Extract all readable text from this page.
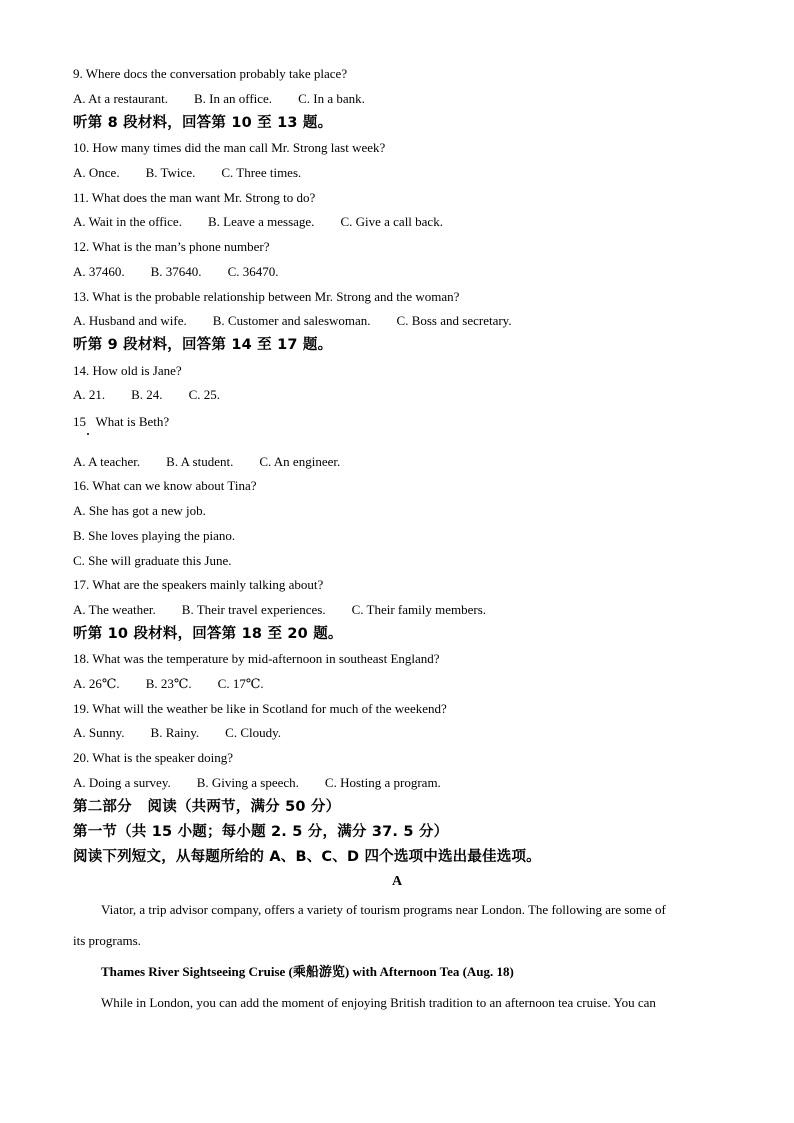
9. Where docs the conversation probably take place?
A. At a restaurant. B. In an office. C. In a bank.
听第 8 段材料，回答第 10 至 13 题。
10. How many times did the man call Mr. Strong last week?
A. Once. B. Twice. C. Three times.
11. What does the man want Mr. Strong to do?
A. Wait in the office. B. Leave a message. C. Give a call back.
12. What is the man’s phone number?
A. 37460. B. 37640. C. 36470.
13. What is the probable relationship between Mr. Strong and the woman?
A. Husband and wife. B. Customer and saleswoman. C. Boss and secretary.
听第 9 段材料，回答第 14 至 17 题。
14. How old is Jane?
A. 21. B. 24. C. 25.
15   What is Beth?
A. A teacher. B. A student. C. An engineer.
16. What can we know about Tina?
A. She has got a new job.
B. She loves playing the piano.
C. She will graduate this June.
17. What are the speakers mainly talking about?
A. The weather. B. Their travel experiences. C. Their family members.
听第 10 段材料，回答第 18 至 20 题。
18. What was the temperature by mid-afternoon in southeast England?
A. 26℃. B. 23℃. C. 17℃.
19. What will the weather be like in Scotland for much of the weekend?
A. Sunny. B. Rainy. C. Cloudy.
20. What is the speaker doing?
A. Doing a survey. B. Giving a speech. C. Hosting a program.
第二部分   阅读（共两节，满分 50 分）
第一节（共 15 小题；每小题 2. 5 分，满分 37. 5 分）
阅读下列短文，从每题所给的 A、B、C、D 四个选项中选出最佳选项。
A
Viator, a trip advisor company, offers a variety of tourism programs near London. The following are some of
its programs.
Thames River Sightseeing Cruise (乘船游览) with Afternoon Tea (Aug. 18)
While in London, you can add the moment of enjoying British tradition to an afternoon tea cruise. You can
